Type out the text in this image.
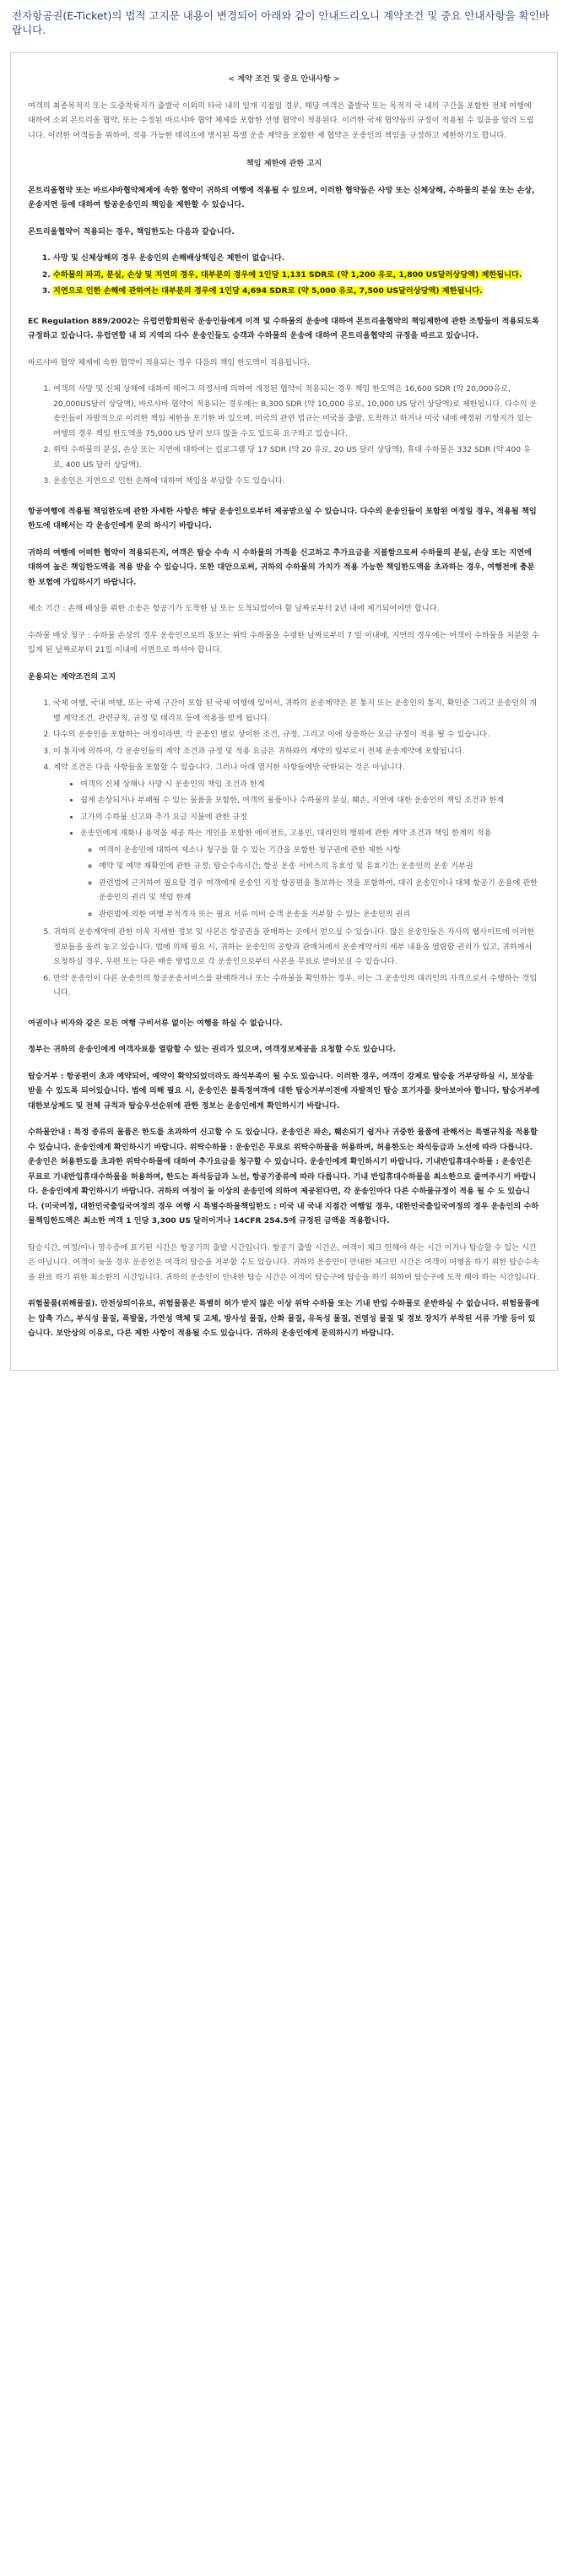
전자항공권(E-Ticket)의 법적 고지문 내용이 변경되어 아래와 같이 안내드리오니 계약조건 및 중요 안내사항을 확인바랍니다.
< 계약 조건 및 중요 안내사항 >

여객의 최종목적지 또는 도중착륙지가 출발국 이외의 타국 내의 일개 지점일 경우, 해당 여객은 출발국 또는 목적지 국 내의 구간을 포함한 전체 여행에 대하여 소위 몬트리올 협약, 또는 수정된 바르샤바 협약 체제를 포함한 선행 협약이 적용된다. 이러한 국제 협약들의 규정이 적용될 수 있음을 알려 드립니다. 이러한 여객들을 위하여, 적용 가능한 태리프에 명시된 특별 운송 계약을 포함한 제 협약은 운송인의 책임을 규정하고 제한하기도 합니다.

책임 제한에 관한 고지

몬트리올협약 또는 바르샤바협약체제에 속한 협약이 귀하의 여행에 적용될 수 있으며, 이러한 협약들은 사망 또는 신체상해, 수하물의 분실 또는 손상, 운송지연 등에 대하여 항공운송인의 책임을 제한할 수 있습니다.

몬트리올협약이 적용되는 경우, 책임한도는 다음과 같습니다.

1. 사망 및 신체상해의 경우 운송인의 손해배상책임은 제한이 없습니다.
2. 수하물의 파괴, 분실, 손상 및 지연의 경우, 대부분의 경우에 1인당 1,131 SDR로 (약 1,200 유로, 1,800 US달러상당액) 제한됩니다.
3. 지연으로 인한 손해에 관하여는 대부분의 경우에 1인당 4,694 SDR로 (약 5,000 유로, 7,500 US달러상당액) 제한됩니다.

EC Regulation 889/2002는 유럽연합회원국 운송인들에게 이적 및 수하물의 운송에 대하여 몬트리올협약의 책임제한에 관한 조항들이 적용되도록 규정하고 있습니다. 유럽연합 내 외 지역의 다수 운송인들도 승객과 수하물의 운송에 대하여 몬트리올협약의 규정을 따르고 있습니다.

바르샤바 협약 체제에 속한 협약이 적용되는 경우 다음의 책임 한도액이 적용됩니다.

1. 여객의 사망 및 신체 상해에 대하여 헤이그 의정서에 의하여 개정된 협약이 적용되는 경우 책임 한도액은 16,600 SDR (약 20,000유로, 20,000US달러 상당액), 바르샤바 협약이 적용되는 경우에는 8,300 SDR (약 10,000 유로, 10,000 US 달러 상당액)로 제한됩니다. 다수의 운송인들이 자발적으로 이러한 책임 제한을 포기한 바 있으며, 미국의 관련 법규는 미국을 출발, 도착하고 하거나 미국 내에 예정된 기항지가 있는 여행의 경우 책임 한도액을 75,000 US 달러 보다 많을 수도 있도록 요구하고 있습니다.
2. 위탁 수하물의 분실, 손상 또는 지연에 대하여는 킬로그램 당 17 SDR (약 20 유로, 20 US 달러 상당액), 휴대 수하물은 332 SDR (약 400 유로, 400 US 달러 상당액).
3. 운송인은 지연으로 인한 손해에 대하여 책임을 부담할 수도 있습니다.

항공여행에 적용될 책임한도에 관한 자세한 사항은 해당 운송인으로부터 제공받으실 수 있습니다. 다수의 운송인들이 포함된 여정일 경우, 적용될 책임한도에 대해서는 각 운송인에게 문의 하시기 바랍니다.

귀하의 여행에 어떠한 협약이 적용되든지, 여객은 탑승 수속 시 수하물의 가격을 신고하고 추가요금을 지불함으로써 수하물의 분실, 손상 또는 지연에 대하여 높은 책임한도액을 적용 받을 수 있습니다. 또한 대안으로써, 귀하의 수하물의 가치가 적용 가능한 책임한도액을 초과하는 경우, 여행전에 충분한 보험에 가입하시기 바랍니다.

제소 기간 : 손해 배상을 위한 소송은 항공기가 도착한 날 또는 도착되었어야 할 날짜로부터 2년 내에 제기되어야만 합니다.

수하물 배상 청구 : 수하물 손상의 경우 운송인으로의 통보는 위탁 수하물을 수령한 날짜로부터 7 일 이내에, 지연의 경우에는 여객이 수하물을 처분할 수 있게 된 날짜로부터 21일 이내에 서면으로 하셔야 합니다.

운용되는 계약조건의 고지

1. 국제 여행, 국내 여행, 또는 국제 구간이 포함 된 국제 여행에 있어서, 귀하의 운송계약은 본 통지 또는 운송인의 통지, 확인증 그리고 운송인의 개별 계약조건, 관련규칙, 규정 및 태리프 등에 적용을 받게 됩니다.
2. 다수의 운송인을 포함하는 여정이라면, 각 운송인 별로 상이한 조건, 규정, 그리고 이에 상응하는 요금 규정이 적용 될 수 있습니다.
3. 이 통지에 의하여, 각 운송인들의 계약 조건과 규정 및 적용 요금은 귀하와의 계약의 일부로서 전체 운송계약에 포함됩니다.
4. 계약 조건은 다음 사항들을 포함할 수 있습니다. 그러나 아래 열거한 사항들에만 국한되는 것은 아닙니다.
• 여객의 신체 상해나 사망 시 운송인의 책임 조건과 한계
• 쉽게 손상되거나 부패될 수 있는 물품을 포함한, 여객의 물품이나 수하물의 분실, 훼손, 지연에 대한 운송인의 책임 조건과 한계
• 고가의 수하물 신고와 추가 요금 지불에 관한 규정
• 운송인에게 재화나 용역을 제공 하는 개인을 포함한 에이전트, 고용인, 대리인의 행위에 관한 계약 조건과 책임 한계의 적용
◦ 여객이 운송인에 대하여 제소나 청구를 할 수 있는 기간을 포함한 청구권에 관한 제한 사항
◦ 예약 및 예약 재확인에 관한 규정; 탑승수속시간; 항공 운송 서비스의 유효성 및 유효기간; 운송인의 운송 거부권
◦ 관련법에 근거하여 필요할 경우 여객에게 운송인 지정 항공편을 통보하는 것을 포함하여, 대리 운송인이나 대체 항공기 운용에 관한 운송인의 권리 및 책임 한계
◦ 관련법에 의한 여행 부적격자 또는 필요 서류 미비 승객 운송을 거부할 수 있는 운송인의 권리
5. 귀하의 운송계약에 관한 더욱 자세한 정보 및 사본은 항공권을 판매하는 곳에서 얻으실 수 있습니다. 많은 운송인들은 자사의 웹사이트에 이러한 정보들을 올려 놓고 있습니다. 법에 의해 필요 시, 귀하는 운송인의 공항과 판매처에서 운송계약서의 세부 내용을 열람할 권리가 있고, 귀하께서 요청하실 경우, 우편 또는 다른 배송 방법으로 각 운송인으로부터 사본을 무료로 받아보실 수 있습니다.
6. 만약 운송인이 다른 운송인의 항공운송서비스를 판매하거나 또는 수하물을 확인하는 경우, 이는 그 운송인의 대리인의 자격으로서 수행하는 것입니다.

여권이나 비자와 같은 모든 여행 구비서류 없이는 여행을 하실 수 없습니다.

정부는 귀하의 운송인에게 여객자료를 열람할 수 있는 권리가 있으며, 여객정보제공을 요청할 수도 있습니다.

탑승거부 : 항공편이 초과 예약되어, 예약이 확약되었더라도 좌석부족이 될 수도 있습니다. 이러한 경우, 여객이 강제로 탑승을 거부당하실 시, 보상을 받을 수 있도록 되어있습니다. 법에 의해 필요 시, 운송인은 불특정여객에 대한 탑승거부이전에 자발적인 탑승 포기자를 찾아보아야 합니다. 탑승거부에 대한보상제도 및 전체 규칙과 탑승우선순위에 관한 정보는 운송인에게 확인하시기 바랍니다.

수하물안내 : 특정 종류의 물품은 한도를 초과하여 신고할 수 도 있습니다. 운송인은 파손, 훼손되기 쉽거나 귀중한 물품에 관해서는 특별규칙을 적용할 수 있습니다. 운송인에게 확인하시기 바랍니다. 위탁수하물 : 운송인은 무료로 위탁수하물을 허용하며, 허용한도는 좌석등급과 노선에 따라 다릅니다. 운송인은 허용한도를 초과한 위탁수하물에 대하여 추가요금을 청구할 수 있습니다. 운송인에게 확인하시기 바랍니다. 기내반입휴대수하물 : 운송인은 무료로 기내반입휴대수하물을 허용하며, 한도는 좌석등급과 노선, 항공기종류에 따라 다릅니다. 기내 반입휴대수하물을 최소한으로 줄여주시기 바랍니다. 운송인에게 확인하시기 바랍니다. 귀하의 여정이 둘 이상의 운송인에 의하여 제공된다면, 각 운송인마다 다른 수하물규정이 적용 될 수 도 있습니다. (미국여정, 대한민국출입국여정의 경우 여행 시 특별수하물책임한도 : 미국 내 국내 지점간 여행일 경우, 대한민국출입국여정의 경우 운송인의 수하물책임한도액은 최소한 여객 1 인당 3,300 US 달러이거나 14CFR 254.5에 규정된 금액을 적용합니다.

탑승시간, 여정/이나 영수증에 표기된 시간은 항공기의 출발 시간입니다. 항공기 출발 시간은, 여객이 체크 인해야 하는 시간 이거나 탑승할 수 있는 시간은 아닙니다. 여객이 늦을 경우 운송인은 여객의 탑승을 거부할 수도 있습니다. 귀하의 운송인이 안내한 체크인 시간은 여객이 여행을 하기 위한 탑승수속을 완료 하기 위한 최소한의 시간입니다. 귀하의 운송인이 안내한 탑승 시간은 여객이 탑승구에 탑승을 하기 위하여 탑승구에 도착 해야 하는 시간입니다.

위험물품(위해물질). 안전상의이유로, 위험물품은 특별히 허가 받지 않은 이상 위탁 수하물 또는 기내 반입 수하물로 운반하실 수 없습니다. 위험물품에는 압축 가스, 부식성 물질, 폭발물, 가연성 액체 및 고체, 방사성 물질, 산화 물질, 유독성 물질, 전염성 물질 및 경보 장치가 부착된 서류 가방 등이 있습니다. 보안상의 이유로, 다른 제한 사항이 적용될 수도 있습니다. 귀하의 운송인에게 문의하시기 바랍니다.
